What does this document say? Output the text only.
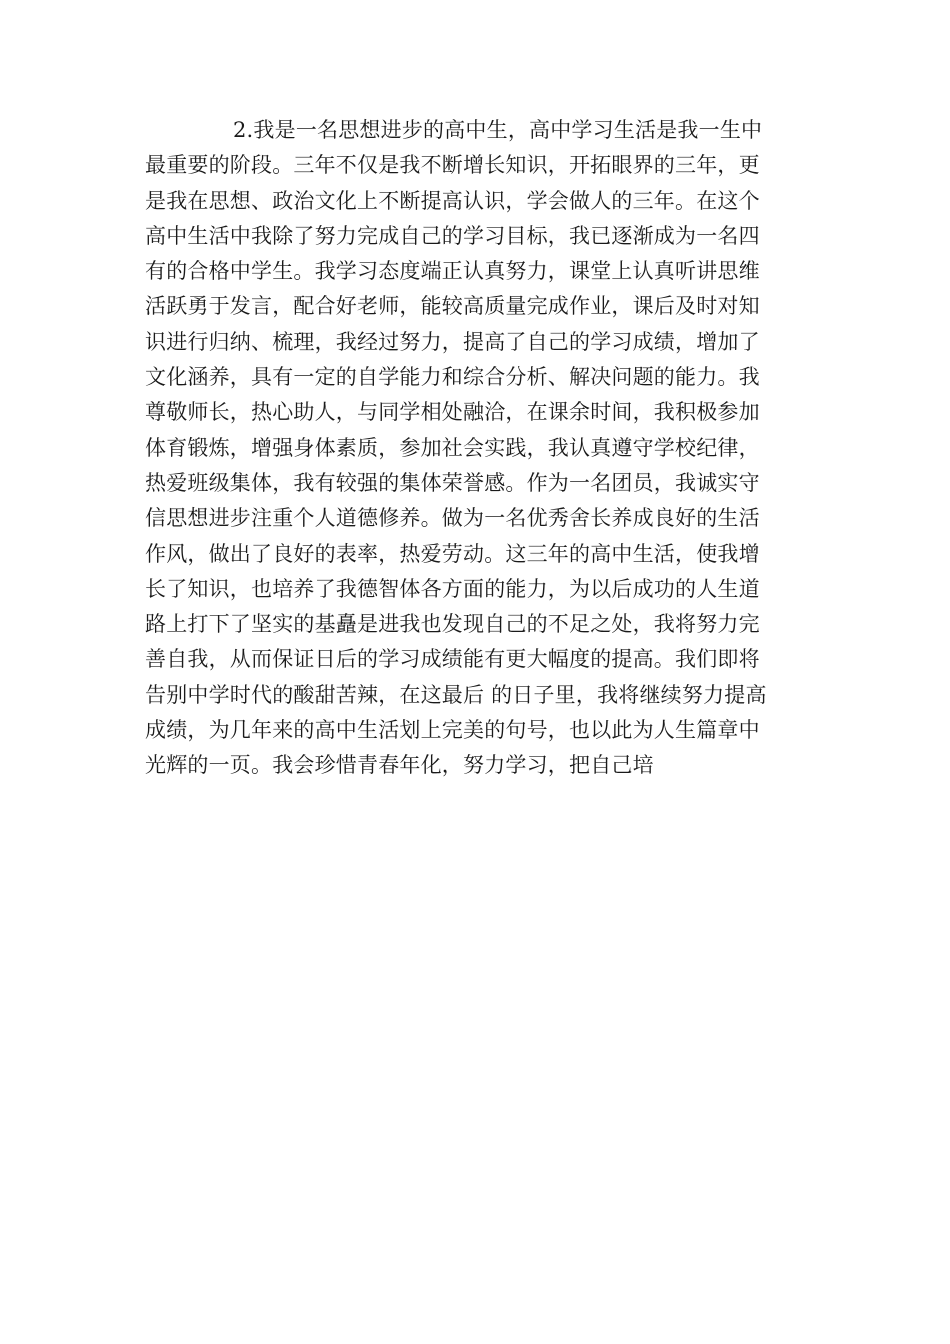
2.我是一名思想进步的高中生，高中学习生活是我一生中
最重要的阶段。三年不仅是我不断增长知识，开拓眼界的三年，更
是我在思想、政治文化上不断提高认识，学会做人的三年。在这个
高中生活中我除了努力完成自己的学习目标，我已逐渐成为一名四
有的合格中学生。我学习态度端正认真努力，课堂上认真听讲思维
活跃勇于发言，配合好老师，能较高质量完成作业，课后及时对知
识进行归纳、梳理，我经过努力，提高了自己的学习成绩，增加了
文化涵养，具有一定的自学能力和综合分析、解决问题的能力。我
尊敬师长，热心助人，与同学相处融洽，在课余时间，我积极参加
体育锻炼，增强身体素质，参加社会实践，我认真遵守学校纪律，
热爱班级集体，我有较强的集体荣誉感。作为一名团员，我诚实守
信思想进步注重个人道德修养。做为一名优秀舍长养成良好的生活
作风，做出了良好的表率，热爱劳动。这三年的高中生活，使我增
长了知识，也培养了我德智体各方面的能力，为以后成功的人生道
路上打下了坚实的基矗是进我也发现自己的不足之处，我将努力完
善自我，从而保证日后的学习成绩能有更大幅度的提高。我们即将
告别中学时代的酸甜苦辣，在这最后 的日子里，我将继续努力提高
成绩，为几年来的高中生活划上完美的句号，也以此为人生篇章中
光辉的一页。我会珍惜青春年化，努力学习，把自己培
